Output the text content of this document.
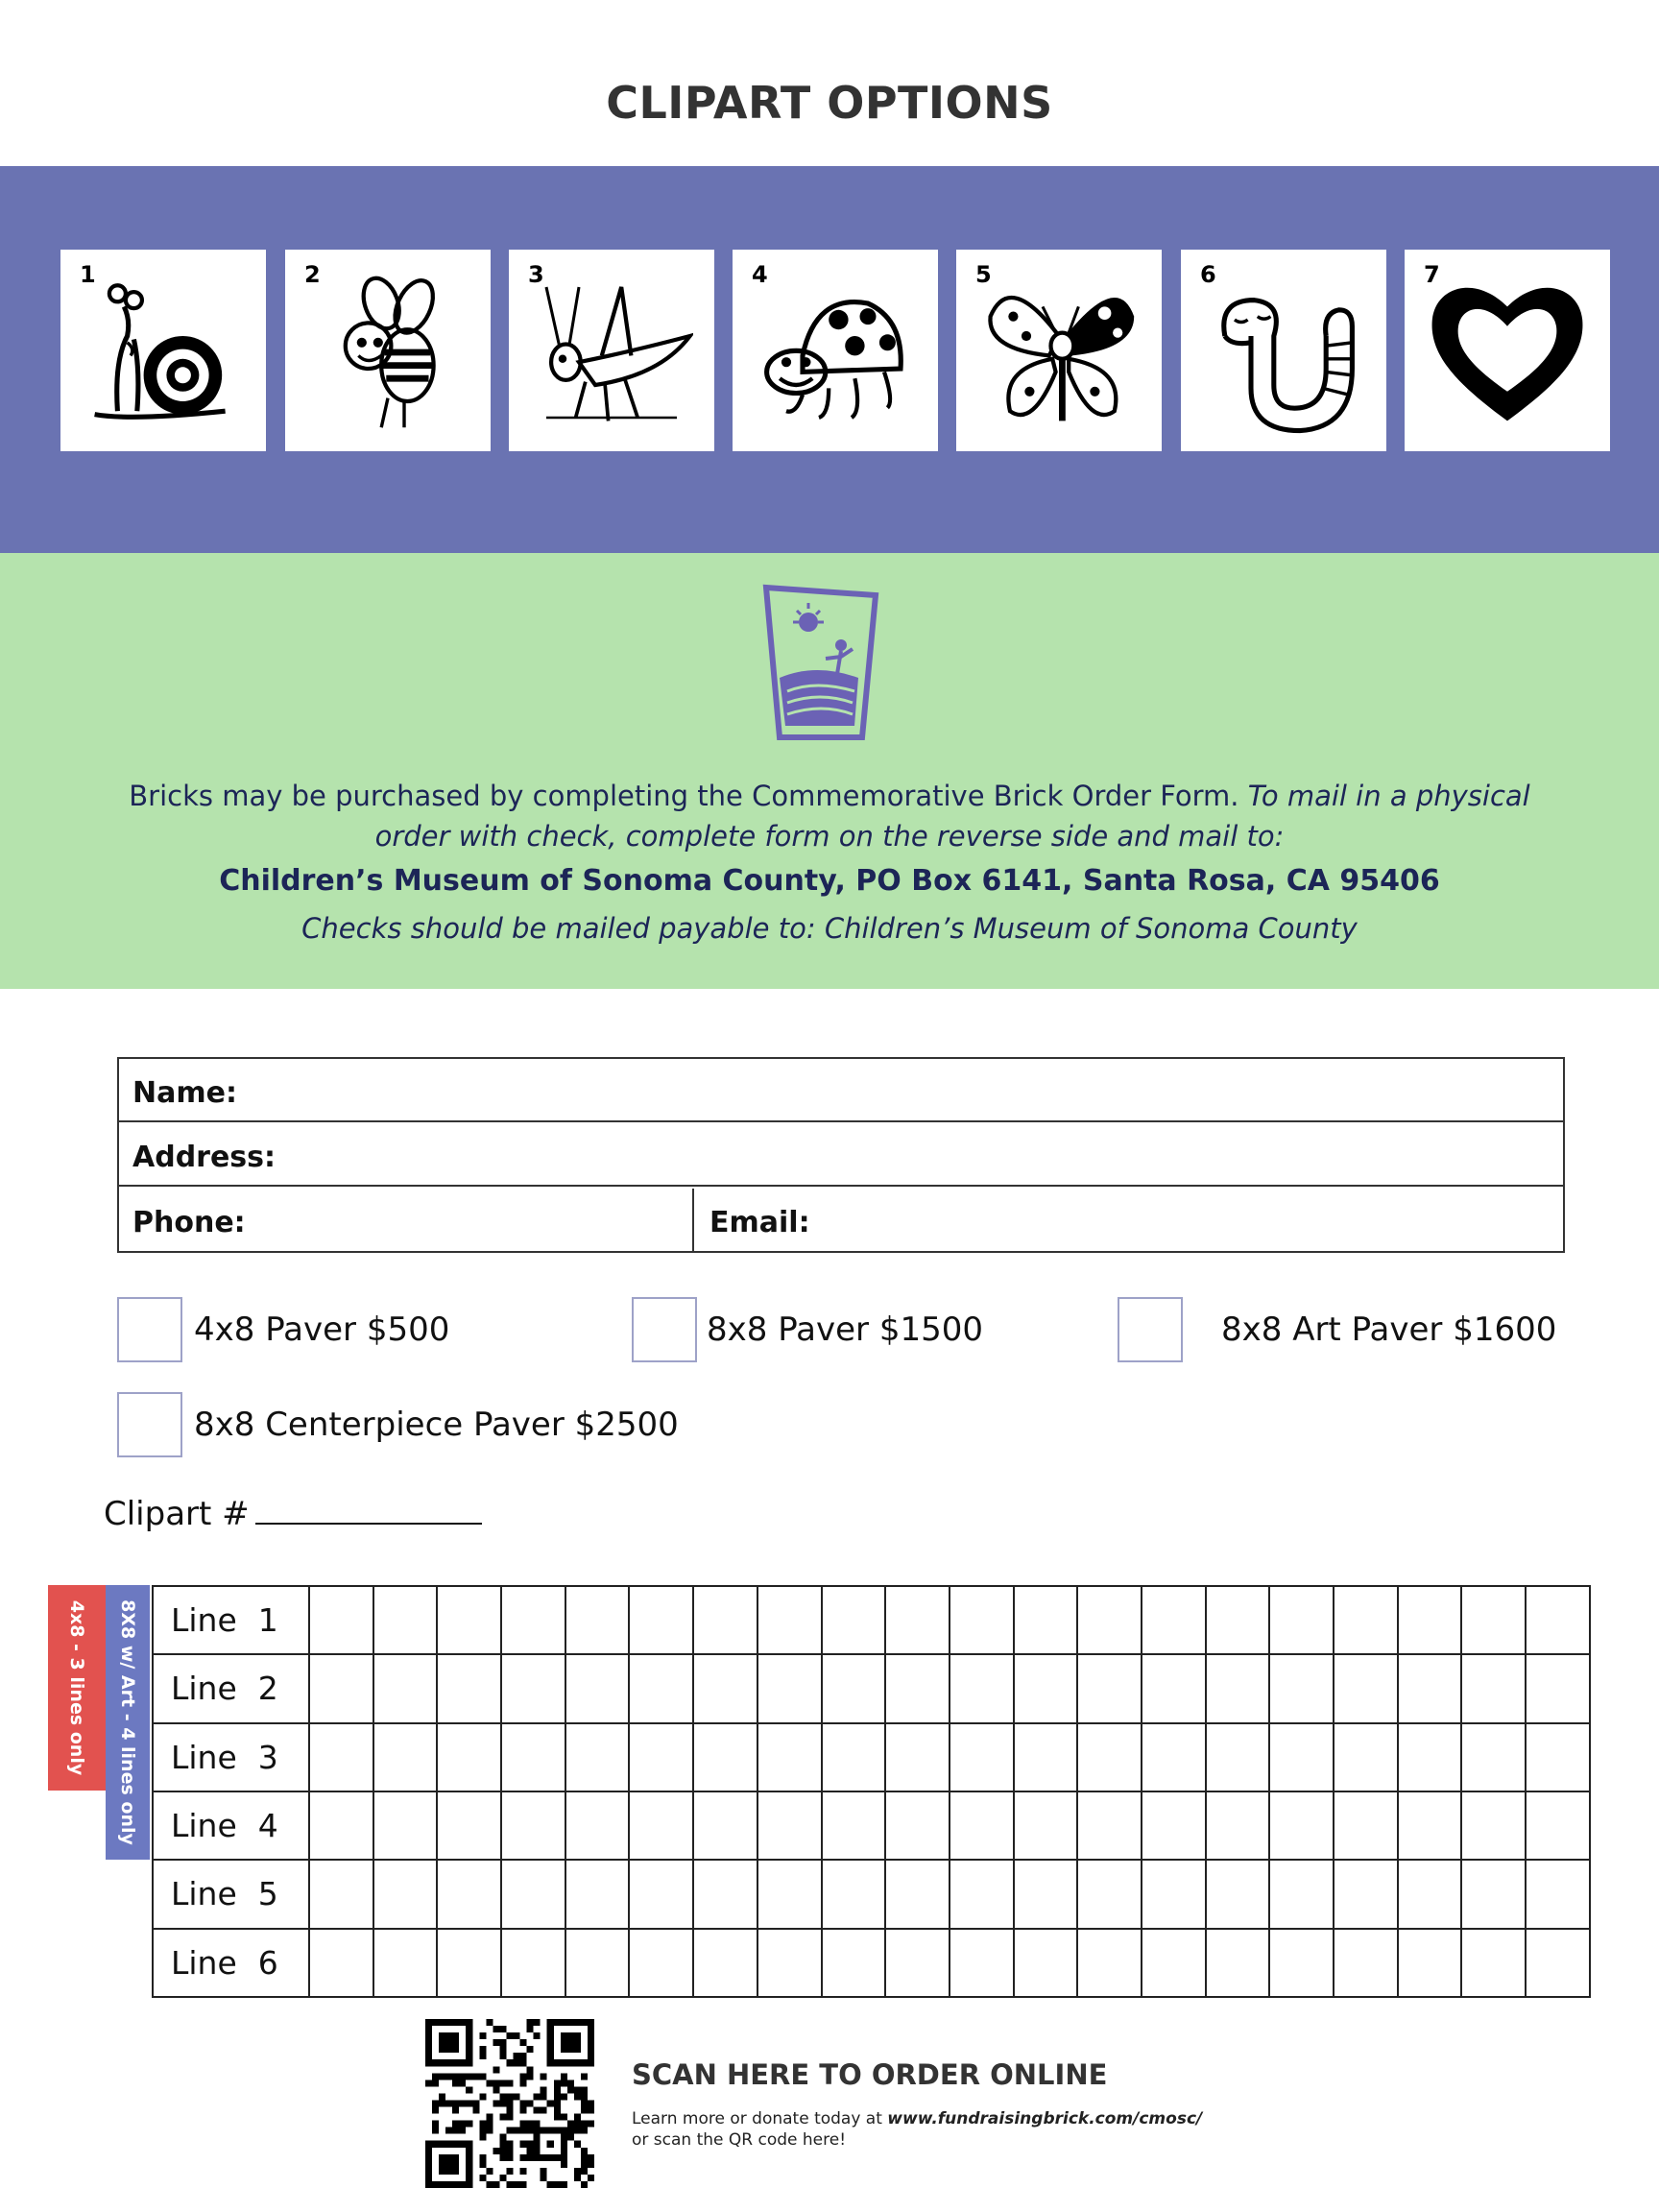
CLIPART OPTIONS
1	2	3	4	5	6	7
Bricks may be purchased by completing the Commemorative Brick Order Form. To mail in a physical
order with check, complete form on the reverse side and mail to:
Children’s Museum of Sonoma County, PO Box 6141, Santa Rosa, CA 95406
Checks should be mailed payable to: Children’s Museum of Sonoma County
Name:
Address:
Phone:	Email:
4x8 Paver $500	8x8 Paver $1500	8x8 Art Paver $1600
8x8 Centerpiece Paver $2500
Clipart #
4x8 - 3 lines only 8X8 w/ Art - 4 lines only Line 1																				
Line 2																				
Line 3																				
Line 4																				
Line 5																				
Line 6																				
SCAN HERE TO ORDER ONLINE
Learn more or donate today at www.fundraisingbrick.com/cmosc/
or scan the QR code here!
